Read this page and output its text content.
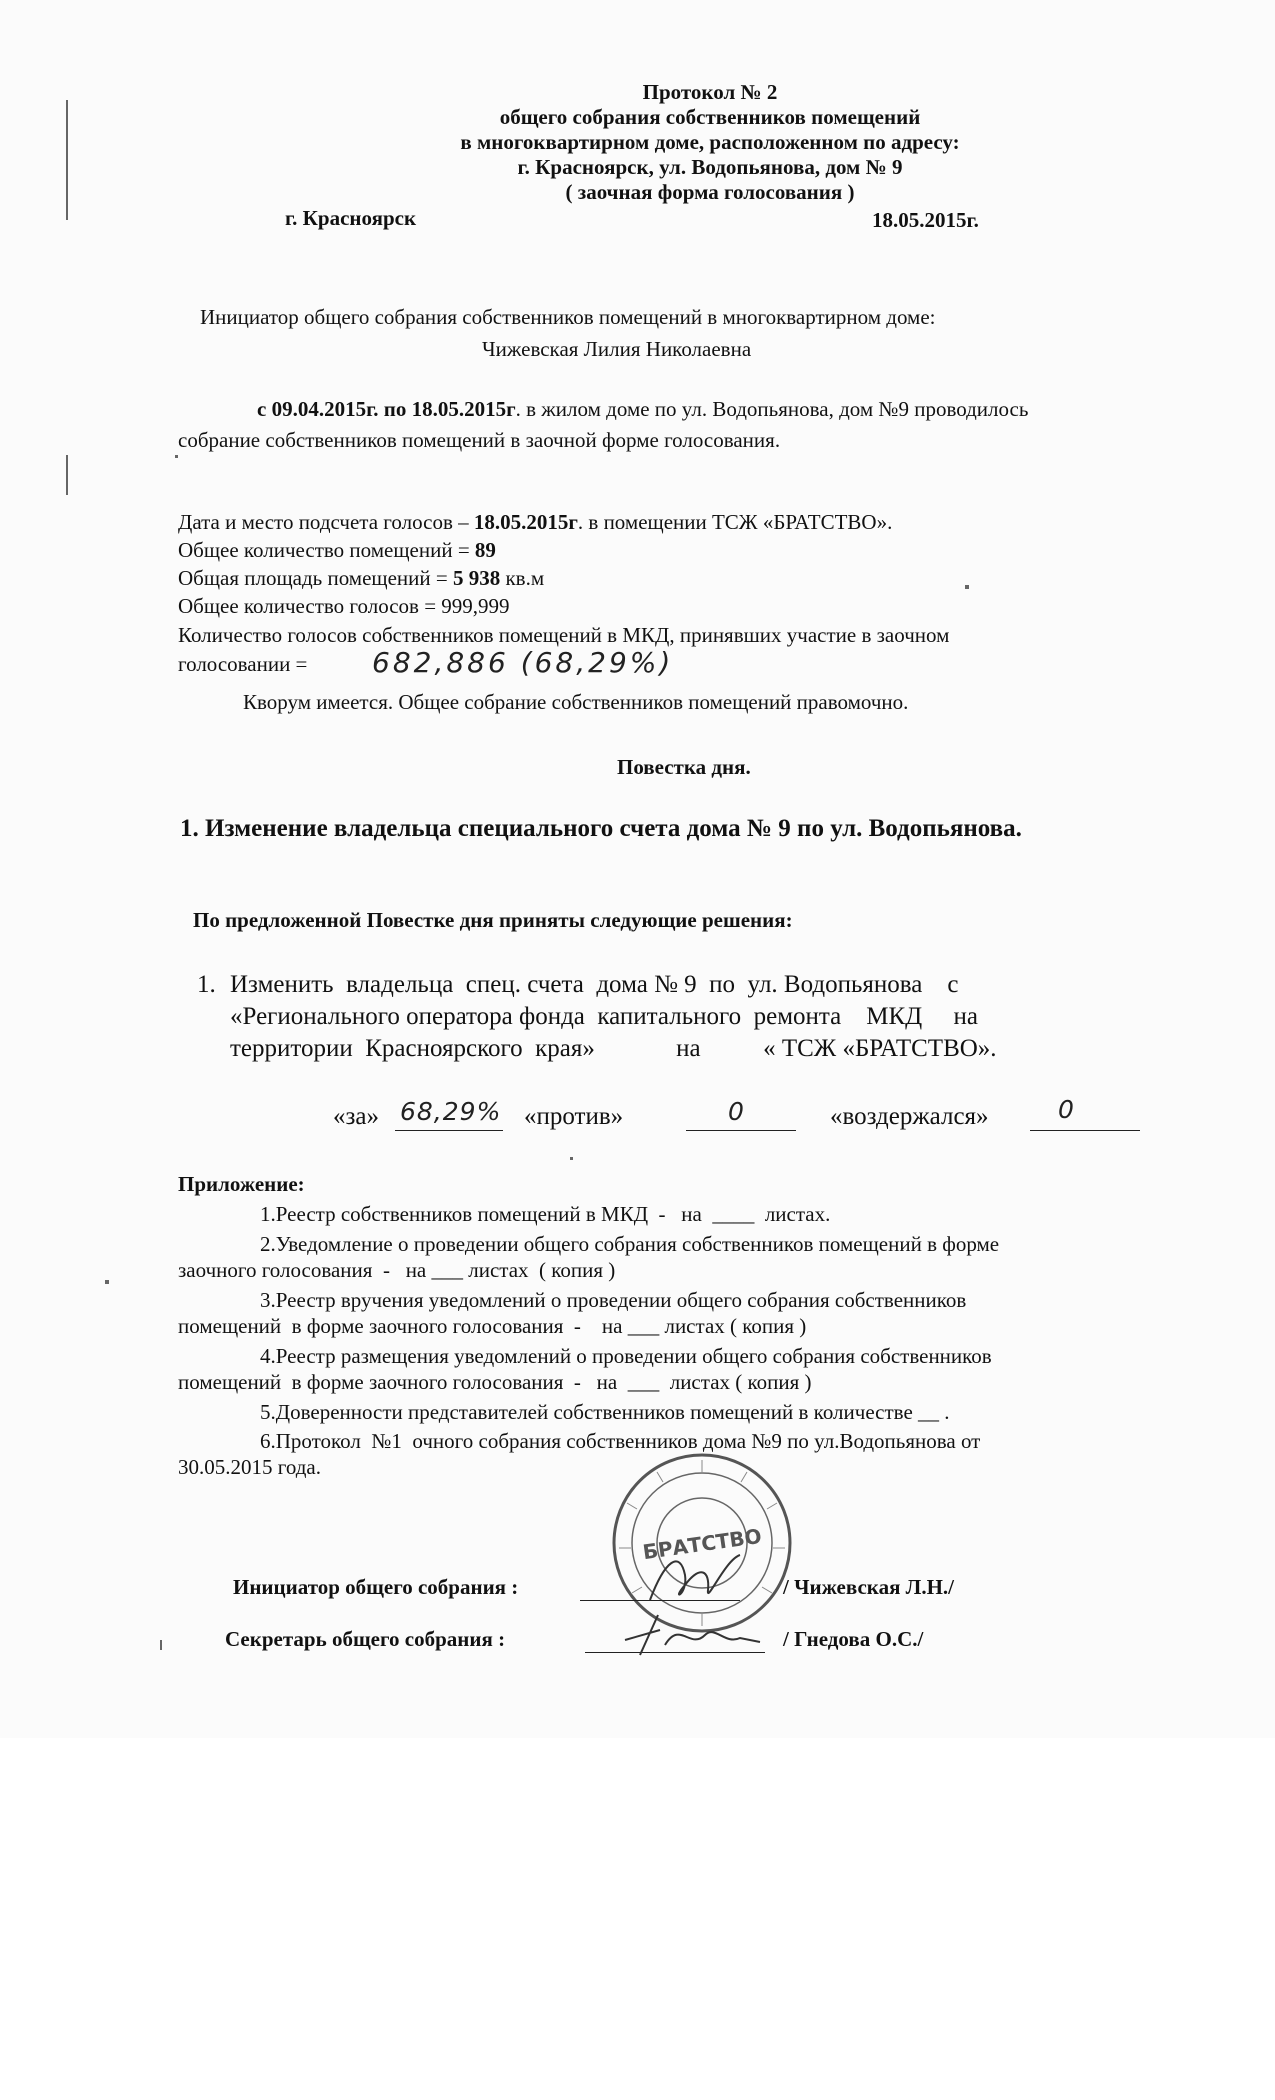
Протокол № 2
общего собрания собственников помещений
в многоквартирном доме, расположенном по адресу:
г. Красноярск, ул. Водопьянова, дом № 9
( заочная форма голосования )
г. Красноярск	18.05.2015г.
Инициатор общего собрания собственников помещений в многоквартирном доме:
Чижевская Лилия Николаевна
с 09.04.2015г. по 18.05.2015г. в жилом доме по ул. Водопьянова, дом №9 проводилось
собрание собственников помещений в заочной форме голосования.
Дата и место подсчета голосов – 18.05.2015г. в помещении ТСЖ «БРАТСТВО».
Общее количество помещений = 89
Общая площадь помещений = 5 938 кв.м
Общее количество голосов = 999,999
Количество голосов собственников помещений в МКД, принявших участие в заочном
голосовании = 682,886 (68,29%)
Кворум имеется. Общее собрание собственников помещений правомочно.
Повестка дня.
1. Изменение владельца специального счета дома № 9 по ул. Водопьянова.
По предложенной Повестке дня приняты следующие решения:
1. Изменить  владельца  спец. счета  дома № 9  по  ул. Водопьянова    с
«Регионального оператора фонда  капитального  ремонта    МКД     на
территории  Красноярского  края»             на          « ТСЖ «БРАТСТВО».
«за» 68,29% «против»	0	«воздержался»	0
Приложение:
1.Реестр собственников помещений в МКД  -   на  ____  листах.
2.Уведомление о проведении общего собрания собственников помещений в форме
заочного голосования  -   на ___ листах  ( копия )
3.Реестр вручения уведомлений о проведении общего собрания собственников
помещений  в форме заочного голосования  -    на ___ листах ( копия )
4.Реестр размещения уведомлений о проведении общего собрания собственников
помещений  в форме заочного голосования  -   на  ___  листах ( копия )
5.Доверенности представителей собственников помещений в количестве __ .
6.Протокол  №1  очного собрания собственников дома №9 по ул.Водопьянова от
30.05.2015 года.
БРАТСТВО
Инициатор общего собрания :	/ Чижевская Л.Н./
Секретарь общего собрания :	/ Гнедова О.С./
